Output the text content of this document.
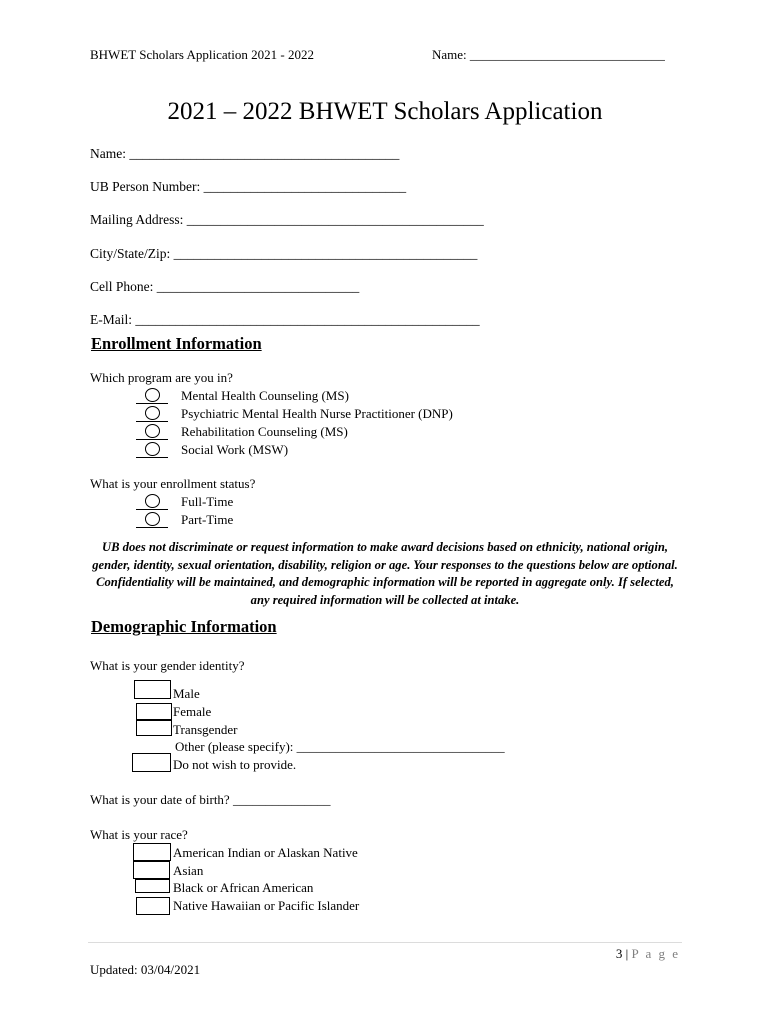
BHWET Scholars Application 2021 - 2022	Name: ______________________________
2021 – 2022 BHWET Scholars Application
Name: ________________________________________
UB Person Number: ______________________________
Mailing Address: ____________________________________________
City/State/Zip: _____________________________________________
Cell Phone: ______________________________
E-Mail: ___________________________________________________
Enrollment Information
Which program are you in?
Mental Health Counseling (MS)
Psychiatric Mental Health Nurse Practitioner (DNP)
Rehabilitation Counseling (MS)
Social Work (MSW)
What is your enrollment status?
Full-Time
Part-Time
UB does not discriminate or request information to make award decisions based on ethnicity, national origin, gender, identity, sexual orientation, disability, religion or age. Your responses to the questions below are optional. Confidentiality will be maintained, and demographic information will be reported in aggregate only. If selected, any required information will be collected at intake.
Demographic Information
What is your gender identity?
Male
Female
Transgender
Other (please specify): ________________________________
Do not wish to provide.
What is your date of birth? _______________
What is your race?
American Indian or Alaskan Native
Asian
Black or African American
Native Hawaiian or Pacific Islander
3 | P a g e
Updated: 03/04/2021
